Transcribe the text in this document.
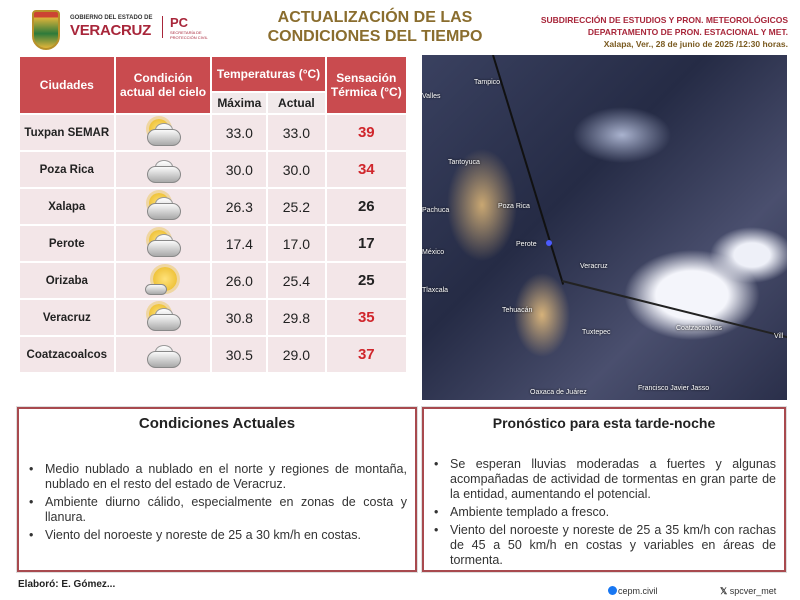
GOBIERNO DEL ESTADO DE
VERACRUZ PC
SECRETARÍA DE PROTECCIÓN CIVIL
ACTUALIZACIÓN DE LAS
CONDICIONES DEL TIEMPO
SUBDIRECCIÓN DE ESTUDIOS Y PRON. METEOROLÓGICOS
DEPARTAMENTO DE PRON. ESTACIONAL Y MET.
Xalapa, Ver., 28 de junio de 2025 /12:30 horas.
Ciudades	Condición actual del cielo	Temperaturas (°C)		Sensación Térmica (°C)
		Máxima	Actual	
Tuxpan SEMAR		33.0	33.0	39
Poza Rica		30.0	30.0	34
Xalapa		26.3	25.2	26
Perote		17.4	17.0	17
Orizaba		26.0	25.4	25
Veracruz		30.8	29.8	35
Coatzacoalcos		30.5	29.0	37
Tampico
Valles
Tantoyuca
Poza Rica
Pachuca
Perote
México
Veracruz
Tlaxcala
Tehuacán
Tuxtepec
Coatzacoalcos
Oaxaca de Juárez
Francisco Javier Jasso
Vill
Condiciones Actuales
• Medio nublado a nublado en el norte y regiones de montaña, nublado en el resto del estado de Veracruz.
• Ambiente diurno cálido, especialmente en zonas de costa y llanura.
• Viento del noroeste y noreste de 25 a 30 km/h en costas.
Pronóstico para esta tarde-noche
• Se esperan lluvias moderadas a fuertes y algunas acompañadas de actividad de tormentas en gran parte de la entidad, aumentando el potencial.
• Ambiente templado a fresco.
• Viento del noroeste y noreste de 25 a 35 km/h con rachas de 45 a 50 km/h en costas y variables en áreas de tormenta.
Elaboró: E. Gómez...
cepm.civil	𝕏 spcver_met
